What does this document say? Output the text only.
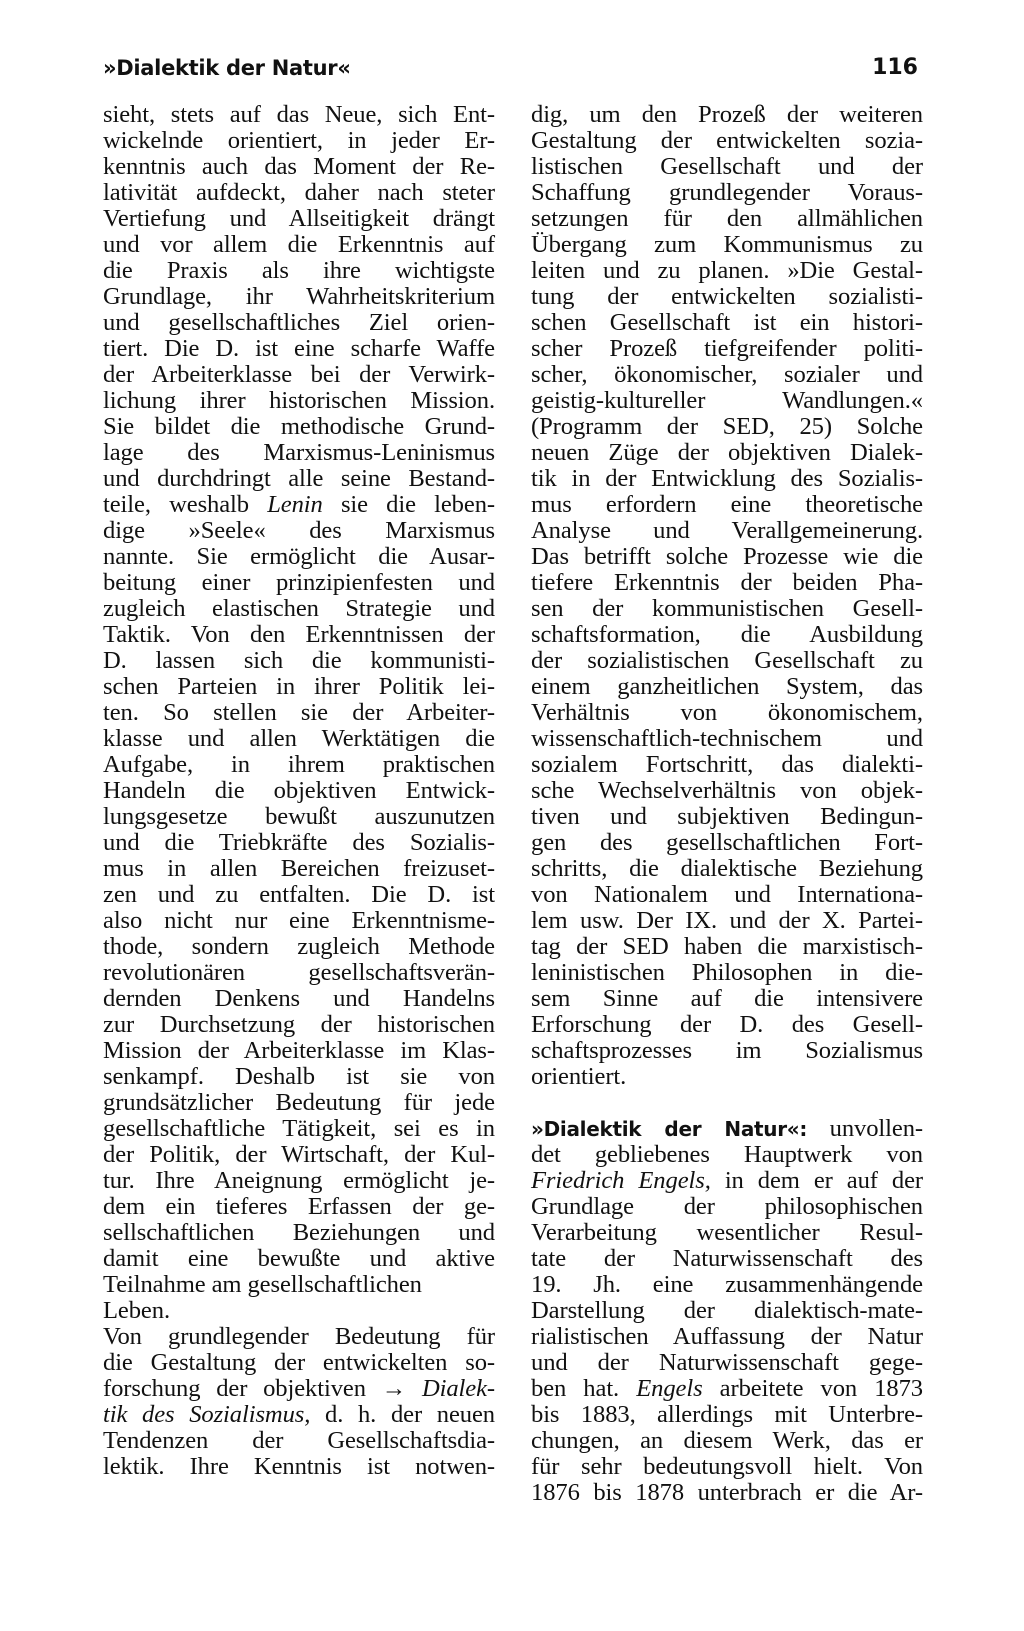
»Dialektik der Natur«	116
sieht, stets auf das Neue, sich Ent-
wickelnde orientiert, in jeder Er-
kenntnis auch das Moment der Re-
lativität aufdeckt, daher nach steter
Vertiefung und Allseitigkeit drängt
und vor allem die Erkenntnis auf
die Praxis als ihre wichtigste
Grundlage, ihr Wahrheitskriterium
und gesellschaftliches Ziel orien-
tiert. Die D. ist eine scharfe Waffe
der Arbeiterklasse bei der Verwirk-
lichung ihrer historischen Mission.
Sie bildet die methodische Grund-
lage des Marxismus-Leninismus
und durchdringt alle seine Bestand-
teile, weshalb Lenin sie die leben-
dige »Seele« des Marxismus
nannte. Sie ermöglicht die Ausar-
beitung einer prinzipienfesten und
zugleich elastischen Strategie und
Taktik. Von den Erkenntnissen der
D. lassen sich die kommunisti-
schen Parteien in ihrer Politik lei-
ten. So stellen sie der Arbeiter-
klasse und allen Werktätigen die
Aufgabe, in ihrem praktischen
Handeln die objektiven Entwick-
lungsgesetze bewußt auszunutzen
und die Triebkräfte des Sozialis-
mus in allen Bereichen freizuset-
zen und zu entfalten. Die D. ist
also nicht nur eine Erkenntnisme-
thode, sondern zugleich Methode
revolutionären gesellschaftsverän-
dernden Denkens und Handelns
zur Durchsetzung der historischen
Mission der Arbeiterklasse im Klas-
senkampf. Deshalb ist sie von
grundsätzlicher Bedeutung für jede
gesellschaftliche Tätigkeit, sei es in
der Politik, der Wirtschaft, der Kul-
tur. Ihre Aneignung ermöglicht je-
dem ein tieferes Erfassen der ge-
sellschaftlichen Beziehungen und
damit eine bewußte und aktive
Teilnahme am gesellschaftlichen
Leben.
Von grundlegender Bedeutung für
die Gestaltung der entwickelten so-
forschung der objektiven → Dialek-
tik des Sozialismus, d. h. der neuen
Tendenzen der Gesellschaftsdia-
lektik. Ihre Kenntnis ist notwen-
dig, um den Prozeß der weiteren
Gestaltung der entwickelten sozia-
listischen Gesellschaft und der
Schaffung grundlegender Voraus-
setzungen für den allmählichen
Übergang zum Kommunismus zu
leiten und zu planen. »Die Gestal-
tung der entwickelten sozialisti-
schen Gesellschaft ist ein histori-
scher Prozeß tiefgreifender politi-
scher, ökonomischer, sozialer und
geistig-kultureller Wandlungen.«
(Programm der SED, 25) Solche
neuen Züge der objektiven Dialek-
tik in der Entwicklung des Sozialis-
mus erfordern eine theoretische
Analyse und Verallgemeinerung.
Das betrifft solche Prozesse wie die
tiefere Erkenntnis der beiden Pha-
sen der kommunistischen Gesell-
schaftsformation, die Ausbildung
der sozialistischen Gesellschaft zu
einem ganzheitlichen System, das
Verhältnis von ökonomischem,
wissenschaftlich-technischem und
sozialem Fortschritt, das dialekti-
sche Wechselverhältnis von objek-
tiven und subjektiven Bedingun-
gen des gesellschaftlichen Fort-
schritts, die dialektische Beziehung
von Nationalem und Internationa-
lem usw. Der IX. und der X. Partei-
tag der SED haben die marxistisch-
leninistischen Philosophen in die-
sem Sinne auf die intensivere
Erforschung der D. des Gesell-
schaftsprozesses im Sozialismus
orientiert.
»Dialektik der Natur«: unvollen-
det gebliebenes Hauptwerk von
Friedrich Engels, in dem er auf der
Grundlage der philosophischen
Verarbeitung wesentlicher Resul-
tate der Naturwissenschaft des
19. Jh. eine zusammenhängende
Darstellung der dialektisch-mate-
rialistischen Auffassung der Natur
und der Naturwissenschaft gege-
ben hat. Engels arbeitete von 1873
bis 1883, allerdings mit Unterbre-
chungen, an diesem Werk, das er
für sehr bedeutungsvoll hielt. Von
1876 bis 1878 unterbrach er die Ar-
